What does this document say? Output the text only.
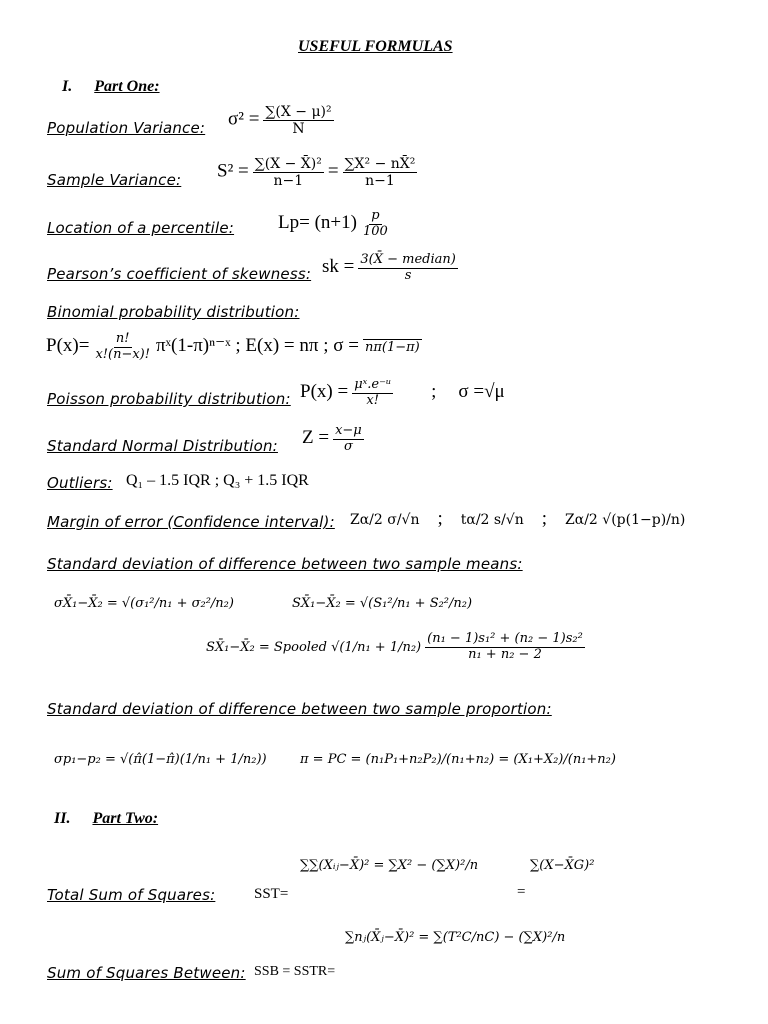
USEFUL FORMULAS
I. Part One:
Population Variance: $\sigma^2 = \frac{\text{∑(X − μ)²}}{N}$
Sample Variance: $S^2 = \frac{\text{∑(X − X̄)²}}{n-1} = \frac{\text{∑X² − nX̄²}}{n-1}$
Location of a percentile: $Lp= (n+1) \frac{p}{100}$
Pearson’s coefficient of skewness: sk = $\frac{\text{3(X̄ − median)}}{s}$
Binomial probability distribution:
$P(x)= \frac{n!}{x!(n-x)!}$ πˣ(1-π)ⁿ⁻ˣ ; E(x) = nπ ; σ = nπ(1−π)
Poisson probability distribution: $P(x) = \frac{\text{μˣ.e⁻ᵘ}}{x!}$ ; σ =√μ
Standard Normal Distribution: $Z = \frac{x-\mu}{\sigma}$
Outliers: Q₁ – 1.5 IQR ; Q₃ + 1.5 IQR
Margin of error (Confidence interval): Zα/2 σ/√n ; tα/2 s/√n ; Zα/2 √(p(1−p)/n)
Standard deviation of difference between two sample means:
σX̄₁−X̄₂ = √(σ₁²/n₁ + σ₂²/n₂)	SX̄₁−X̄₂ = √(S₁²/n₁ + S₂²/n₂)
SX̄₁−X̄₂ = Spooled $√(1/n_1 + 1/n_2) \frac{\text{(n₁ − 1)s₁² + (n₂ − 1)s₂²}}{\text{n₁ + n₂ − 2}}$
Standard deviation of difference between two sample proportion:
σp₁−p₂ = √(π̂(1−π̂)(1/n₁ + 1/n₂))	π = PC = (n₁P₁+n₂P₂)/(n₁+n₂) = (X₁+X₂)/(n₁+n₂)
II. Part Two:
∑∑(Xᵢⱼ−X̄)² = ∑X² − (∑X)²/n	∑(X−X̄G)²
Total Sum of Squares:	SST=	=
∑nⱼ(X̄ⱼ−X̄)² = ∑(T²C/nC) − (∑X)²/n
Sum of Squares Between: SSB = SSTR=
